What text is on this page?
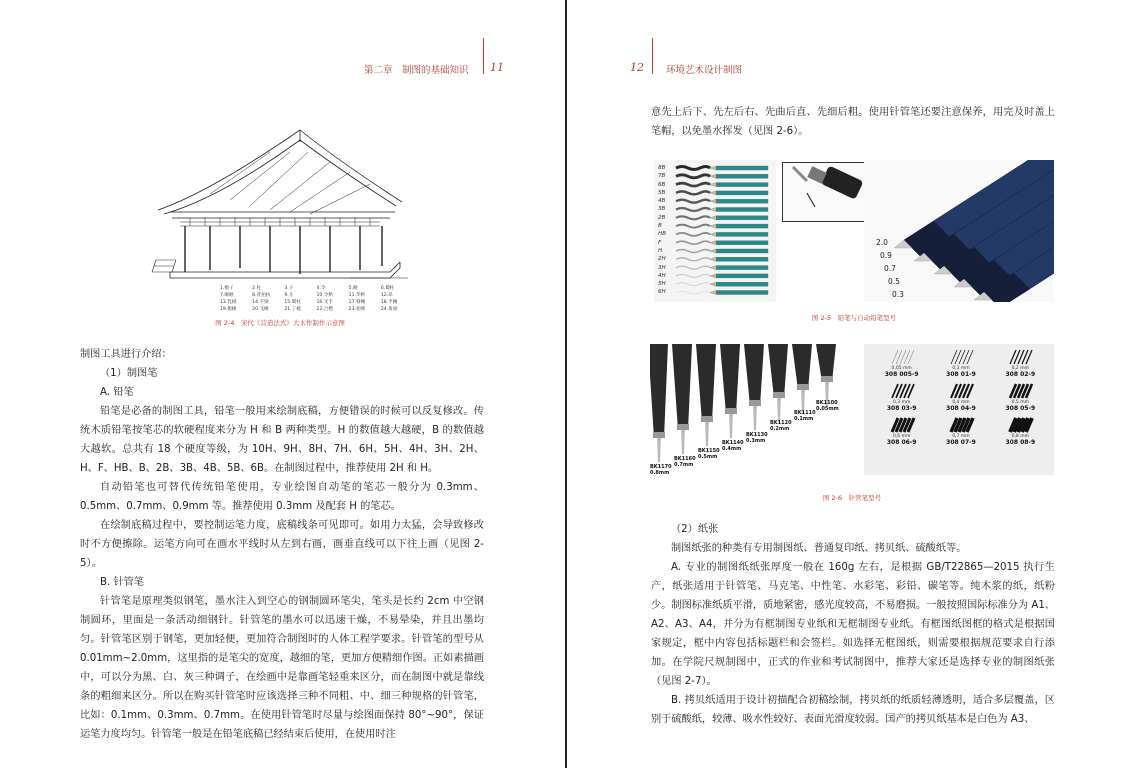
第二章　制图的基础知识 11
1.檐子	2.柱	3.子	4.令	5.额	6.蜀柱
7.阑额	8.普拍枋	9.斗	10.令栱	11.华栱	12.昂
13.乳栿	14.平梁	15.蜀柱	16.叉手	17.脊槫	18.平槫
19.檐椽	20.飞椽	21.丁栿	22.合楷	23.驼峰	24.角梁
图 2-4　宋代《营造法式》大木作制作示意图

制图工具进行介绍：

（1）制图笔

A. 铅笔

铅笔是必备的制图工具，铅笔一般用来绘制底稿，方便错误的时候可以反复修改。传统木质铅笔按笔芯的软硬程度来分为 H 和 B 两种类型。H 的数值越大越硬，B 的数值越大越软。总共有 18 个硬度等级，为 10H、9H、8H、7H、6H、5H、4H、3H、2H、H、F、HB、B、2B、3B、4B、5B、6B。在制图过程中，推荐使用 2H 和 H。

自动铅笔也可替代传统铅笔使用，专业绘图自动笔的笔芯一般分为 0.3mm、0.5mm、0.7mm、0.9mm 等。推荐使用 0.3mm 及配套 H 的笔芯。

在绘制底稿过程中，要控制运笔力度，底稿线条可见即可。如用力太猛，会导致修改时不方便擦除。运笔方向可在画水平线时从左到右画，画垂直线可以下往上画（见图 2-5）。

B. 针管笔

针管笔是原理类似钢笔，墨水注入到空心的钢制圆环笔尖，笔头是长约 2cm 中空钢制圆环，里面是一条活动细钢针。针管笔的墨水可以迅速干燥，不易晕染，并且出墨均匀。针管笔区别于钢笔，更加轻便，更加符合制图时的人体工程学要求。针管笔的型号从 0.01mm~2.0mm，这里指的是笔尖的宽度，越细的笔，更加方便精细作图。正如素描画中，可以分为黑、白、灰三种调子，在绘画中是靠画笔轻重来区分，而在制图中就是靠线条的粗细来区分。所以在购买针管笔时应该选择三种不同粗、中、细三种规格的针管笔，比如：0.1mm、0.3mm、0.7mm。在使用针管笔时尽量与绘图面保持 80°~90°，保证运笔力度均匀。针管笔一般是在铅笔底稿已经结束后使用，在使用时注

12 环境艺术设计制图

意先上后下、先左后右、先曲后直、先细后粗。使用针管笔还要注意保养，用完及时盖上笔帽，以免墨水挥发（见图 2-6）。

8B
7B
6B
5B
4B
3B
2B
B
HB
F
H
2H
3H
4H
5H
6H
2.0
0.9
0.7
0.5
0.3
图 2-5　铅笔与自动铅笔型号
BK1170
0.8mm
BK1160
0.7mm
BK1150
0.5mm
BK1140
0.4mm
BK1130
0.3mm
BK1120
0.2mm
BK1110
0.1mm
BK1100
0.05mm
0,05 mm
308 005-9
0,1 mm
308 01-9
0,2 mm
308 02-9
0,3 mm
308 03-9
0,4 mm
308 04-9
0,5 mm
308 05-9
0,6 mm
308 06-9
0,7 mm
308 07-9
0,8 mm
308 08-9
图 2-6　针管笔型号

（2）纸张

制图纸张的种类有专用制图纸、普通复印纸、拷贝纸、硫酸纸等。

A. 专业的制图纸纸张厚度一般在 160g 左右，是根据 GB/T22865—2015 执行生产，纸张适用于针管笔、马克笔、中性笔、水彩笔、彩铅、碳笔等。纯木浆的纸，纸粉少。制图标准纸质平滑，质地紧密，感光度较高，不易磨损。一般按照国际标准分为 A1、A2、A3、A4，并分为有框制图专业纸和无框制图专业纸。有框图纸图框的格式是根据国家规定，框中内容包括标题栏和会签栏。如选择无框图纸，则需要根据规范要求自行添加。在学院尺规制图中，正式的作业和考试制图中，推荐大家还是选择专业的制图纸张（见图 2-7）。

B. 拷贝纸适用于设计初描配合初稿绘制，拷贝纸的纸质轻薄透明，适合多层覆盖，区别于硫酸纸，较薄、吸水性较好、表面光滑度较弱。国产的拷贝纸基本是白色为 A3、
